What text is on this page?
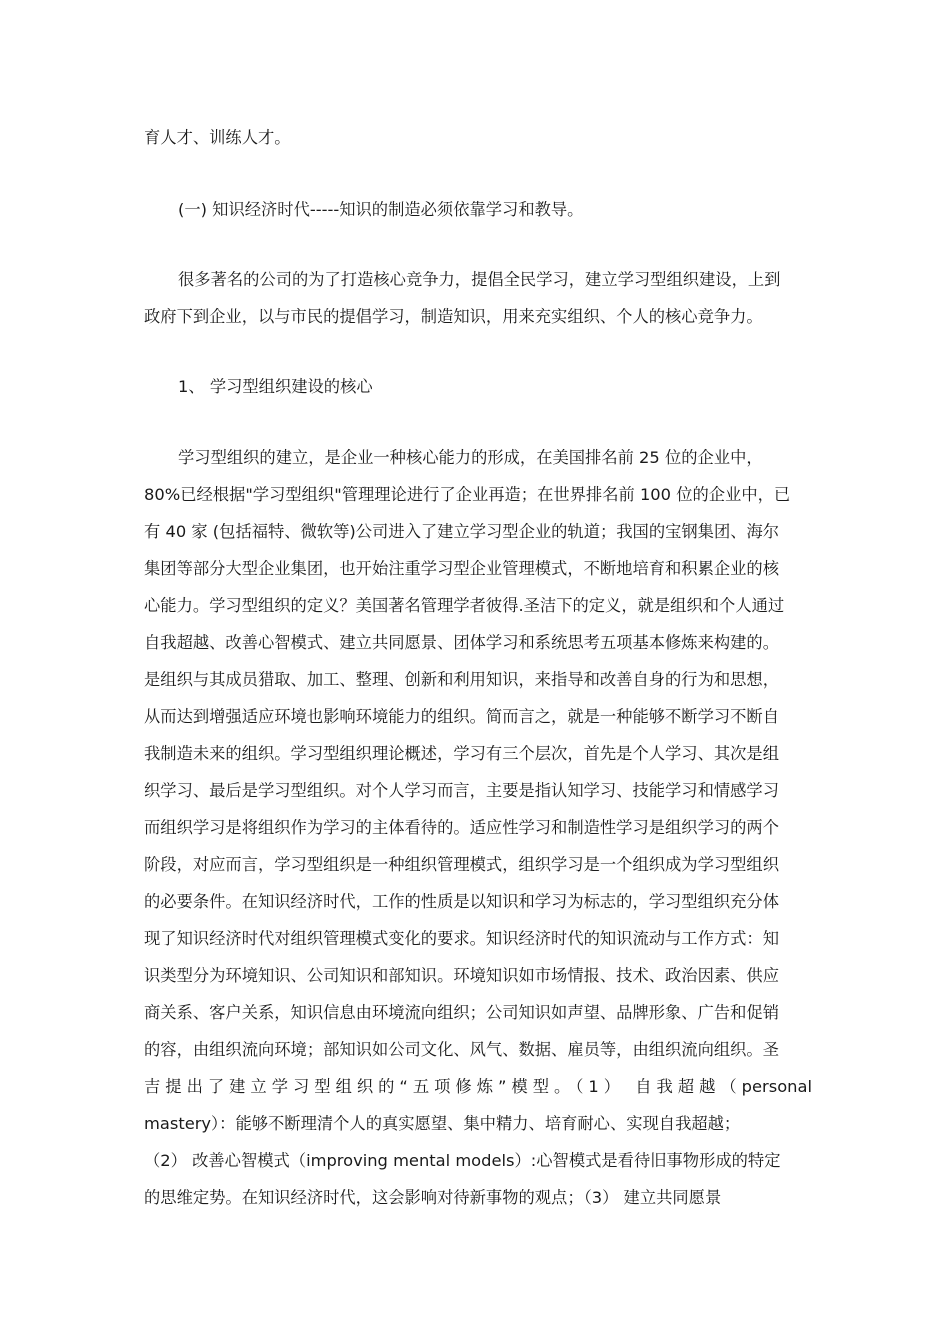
育人才、训练人才。
(一) 知识经济时代-----知识的制造必须依靠学习和教导。
很多著名的公司的为了打造核心竞争力，提倡全民学习，建立学习型组织建设，上到
政府下到企业，以与市民的提倡学习，制造知识，用来充实组织、个人的核心竞争力。
1、 学习型组织建设的核心
学习型组织的建立，是企业一种核心能力的形成，在美国排名前 25 位的企业中，
80%已经根据"学习型组织"管理理论进行了企业再造；在世界排名前 100 位的企业中，已
有 40 家 (包括福特、微软等)公司进入了建立学习型企业的轨道；我国的宝钢集团、海尔
集团等部分大型企业集团，也开始注重学习型企业管理模式，不断地培育和积累企业的核
心能力。学习型组织的定义？美国著名管理学者彼得.圣洁下的定义，就是组织和个人通过
自我超越、改善心智模式、建立共同愿景、团体学习和系统思考五项基本修炼来构建的。
是组织与其成员猎取、加工、整理、创新和利用知识，来指导和改善自身的行为和思想，
从而达到增强适应环境也影响环境能力的组织。简而言之，就是一种能够不断学习不断自
我制造未来的组织。学习型组织理论概述，学习有三个层次，首先是个人学习、其次是组
织学习、最后是学习型组织。对个人学习而言，主要是指认知学习、技能学习和情感学习
而组织学习是将组织作为学习的主体看待的。适应性学习和制造性学习是组织学习的两个
阶段，对应而言，学习型组织是一种组织管理模式，组织学习是一个组织成为学习型组织
的必要条件。在知识经济时代，工作的性质是以知识和学习为标志的，学习型组织充分体
现了知识经济时代对组织管理模式变化的要求。知识经济时代的知识流动与工作方式：知
识类型分为环境知识、公司知识和部知识。环境知识如市场情报、技术、政治因素、供应
商关系、客户关系，知识信息由环境流向组织；公司知识如声望、品牌形象、广告和促销
的容，由组织流向环境；部知识如公司文化、风气、数据、雇员等，由组织流向组织。圣
吉提出了建立学习型组织的“五项修炼”模型。（1） 自我超越（personal
mastery）：能够不断理清个人的真实愿望、集中精力、培育耐心、实现自我超越；
（2） 改善心智模式（improving mental models）:心智模式是看待旧事物形成的特定
的思维定势。在知识经济时代，这会影响对待新事物的观点；（3） 建立共同愿景
